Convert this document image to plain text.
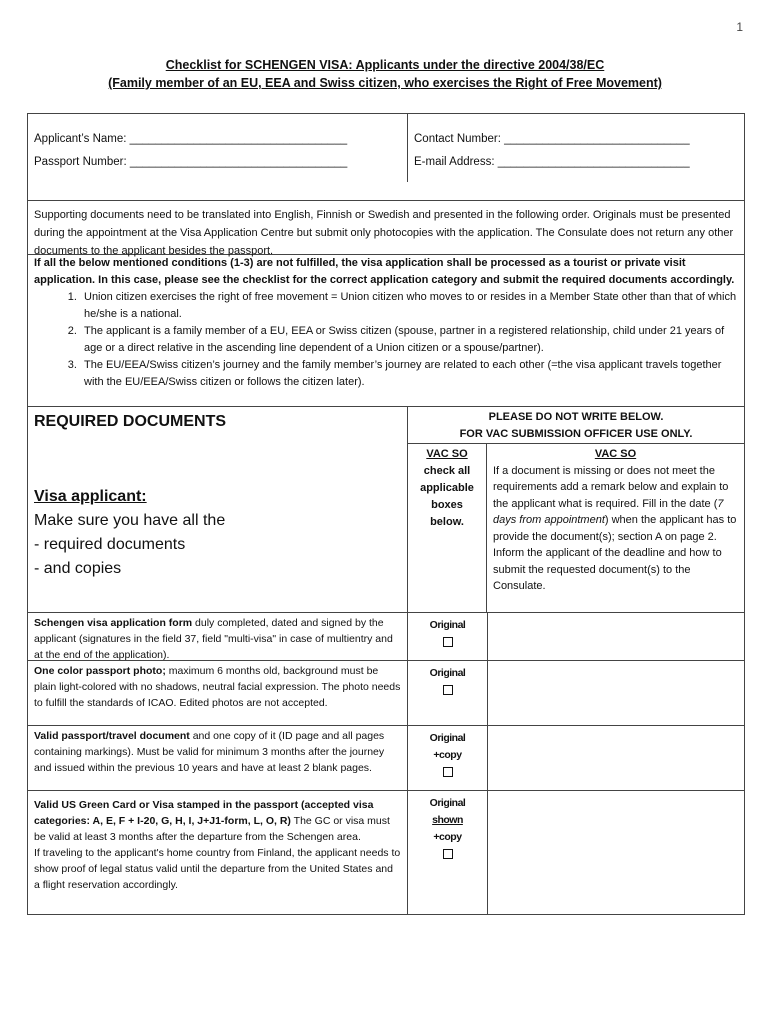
1
Checklist for SCHENGEN VISA: Applicants under the directive 2004/38/EC
(Family member of an EU, EEA and Swiss citizen, who exercises the Right of Free Movement)
Applicant’s Name: __________________________________	Contact Number: _____________________________
Passport Number: __________________________________	E-mail Address: ______________________________
Supporting documents need to be translated into English, Finnish or Swedish and presented in the following order. Originals must be presented during the appointment at the Visa Application Centre but submit only photocopies with the application. The Consulate does not return any other documents to the applicant besides the passport.
If all the below mentioned conditions (1-3) are not fulfilled, the visa application shall be processed as a tourist or private visit application. In this case, please see the checklist for the correct application category and submit the required documents accordingly.
1. Union citizen exercises the right of free movement = Union citizen who moves to or resides in a Member State other than that of which he/she is a national.
2. The applicant is a family member of a EU, EEA or Swiss citizen (spouse, partner in a registered relationship, child under 21 years of age or a direct relative in the ascending line dependent of a Union citizen or a spouse/partner).
3. The EU/EEA/Swiss citizen’s journey and the family member’s journey are related to each other (=the visa applicant travels together with the EU/EEA/Swiss citizen or follows the citizen later).
REQUIRED DOCUMENTS
Visa applicant:
Make sure you have all the
- required documents
- and copies
PLEASE DO NOT WRITE BELOW.
FOR VAC SUBMISSION OFFICER USE ONLY.
VAC SO
check all
applicable
boxes
below.
VAC SO
If a document is missing or does not meet the requirements add a remark below and explain to the applicant what is required. Fill in the date (7 days from appointment) when the applicant has to provide the document(s); section A on page 2. Inform the applicant of the deadline and how to submit the requested document(s) to the Consulate.
Schengen visa application form duly completed, dated and signed by the applicant (signatures in the field 37, field "multi-visa" in case of multientry and at the end of the application).
Original
One color passport photo; maximum 6 months old, background must be plain light-colored with no shadows, neutral facial expression. The photo needs to fulfill the standards of ICAO. Edited photos are not accepted.
Original
Valid passport/travel document and one copy of it (ID page and all pages containing markings). Must be valid for minimum 3 months after the journey and issued within the previous 10 years and have at least 2 blank pages.
Original
+copy
Valid US Green Card or Visa stamped in the passport (accepted visa categories: A, E, F + I-20, G, H, I, J+J1-form, L, O, R) The GC or visa must be valid at least 3 months after the departure from the Schengen area.
If traveling to the applicant's home country from Finland, the applicant needs to show proof of legal status valid until the departure from the United States and a flight reservation accordingly.
Original
shown
+copy
